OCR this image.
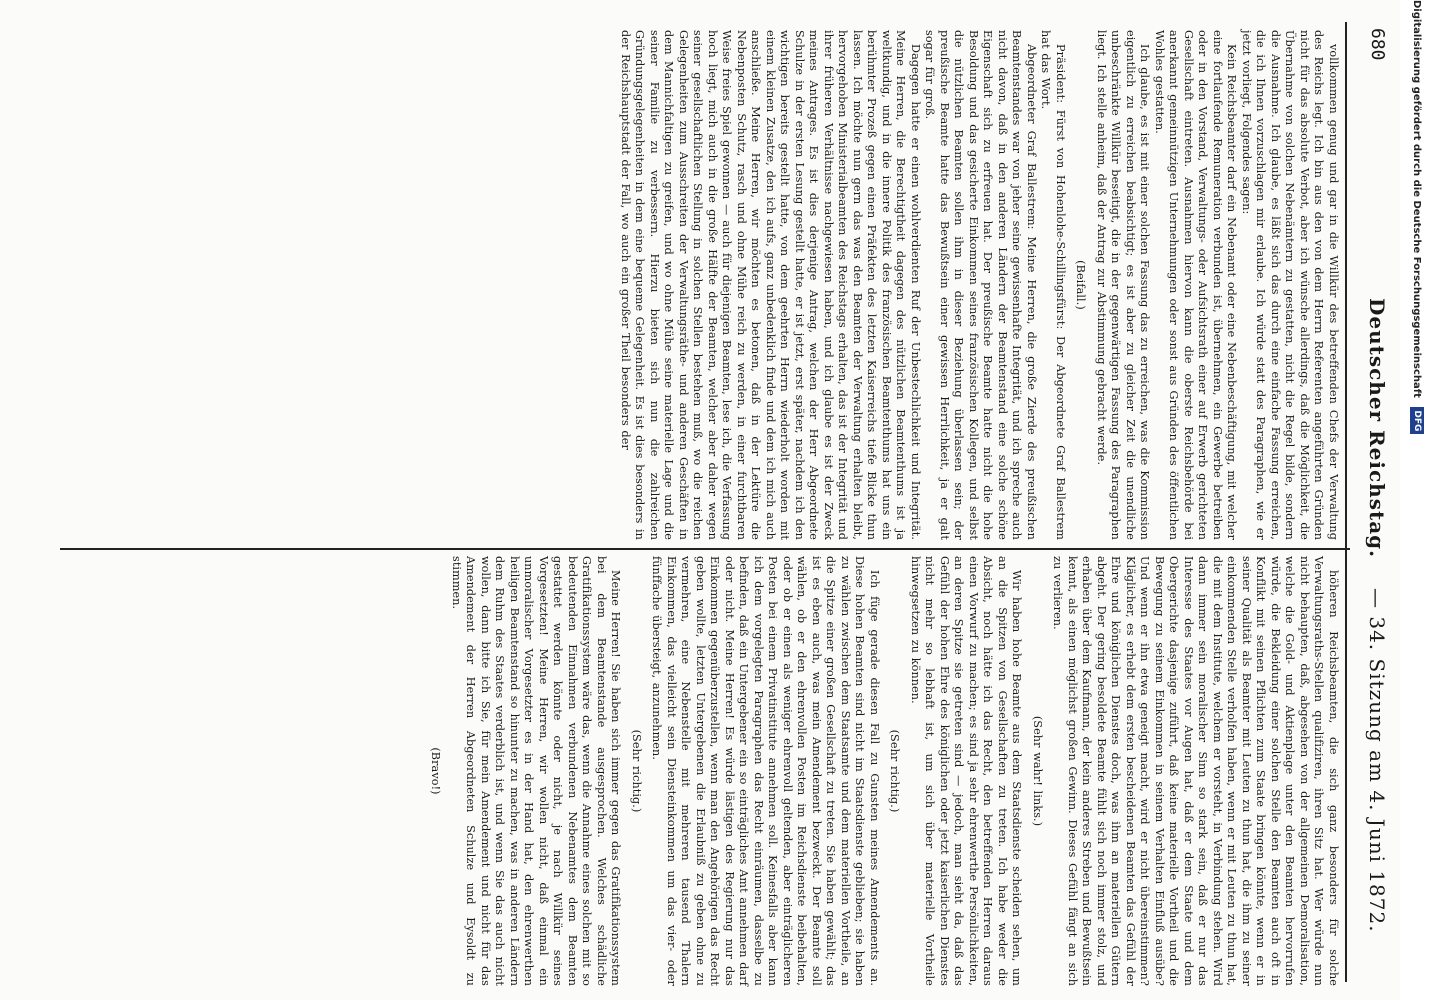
680
Deutscher Reichstag.
— 34. Sitzung am 4. Juni 1872.

vollkommen genug und gar in die Willkür des betreffenden Chefs der Verwaltung des Reichs legt. Ich bin aus den von dem Herrn Referenten angeführten Gründen nicht für das absolute Verbot, aber ich wünsche allerdings, daß die Möglichkeit, die Übernahme von solchen Nebenämtern zu gestatten, nicht die Regel bilde, sondern die Ausnahme. Ich glaube, es läßt sich das durch eine einfache Fassung erreichen, die ich Ihnen vorzuschlagen mir erlaube. Ich würde statt des Paragraphen, wie er jetzt vorliegt, Folgendes sagen:

Kein Reichsbeamter darf ein Nebenamt oder eine Nebenbeschäftigung, mit welcher eine fortlaufende Remuneration verbunden ist, übernehmen, ein Gewerbe betreiben oder in den Vorstand, Verwaltungs- oder Aufsichtsrath einer auf Erwerb gerichteten Gesellschaft eintreten. Ausnahmen hiervon kann die oberste Reichsbehörde bei anerkannt gemeinnützigen Unternehmungen oder sonst aus Gründen des öffentlichen Wohles gestatten.

Ich glaube, es ist mit einer solchen Fassung das zu erreichen, was die Kommission eigentlich zu erreichen beabsichtigt; es ist aber zu gleicher Zeit die unendliche unbeschränkte Willkür beseitigt, die in der gegenwärtigen Fassung des Paragraphen liegt. Ich stelle anheim, daß der Antrag zur Abstimmung gebracht werde.

(Beifall.)

Präsident: Fürst von Hohenlohe-Schillingsfürst: Der Abgeordnete Graf Ballestrem hat das Wort.

Abgeordneter Graf Ballestrem: Meine Herren, die große Zierde des preußischen Beamtenstandes war von jeher seine gewissenhafte Integrität, und ich spreche auch nicht davon, daß in den anderen Ländern der Beamtenstand eine solche schöne Eigenschaft sich zu erfreuen hat. Der preußische Beamte hatte nicht die hohe Besoldung und das gesicherte Einkommen seines französischen Kollegen, und selbst die nützlichen Beamten sollen ihm in dieser Beziehung überlassen sein; der preußische Beamte hatte das Bewußtsein einer gewissen Herrlichkeit, ja er galt sogar für groß.

Dagegen hatte er einen wohlverdienten Ruf der Unbestechlichkeit und Integrität. Meine Herren, die Berechtigtheit dagegen des nützlichen Beamtenthums ist ja weltkundig, und in die innere Politik des französischen Beamtenthums hat uns ein berühmter Prozeß gegen einen Präfekten des letzten Kaiserreichs tiefe Blicke thun lassen. Ich möchte nun gern das was den Beamten der Verwaltung erhalten bleibt, hervorgehoben Ministerialbeamten des Reichstags erhalten, das ist der Integrität und ihrer früheren Verhältnisse nachgewiesen haben, und ich glaube es ist der Zweck meines Antrages. Es ist dies derjenige Antrag, welchen der Herr Abgeordnete Schulze in der ersten Lesung gestellt hatte, er ist jetzt, erst später, nachdem ich den wichtigen bereits gestellt hatte, von dem geehrten Herrn wiederholt worden mit einem kleinen Zusatze, den ich aufs, ganz unbedenklich finde und dem ich mich auch anschließe. Meine Herren, wir möchten es betonen, daß in der Lektüre die Nebenposten Schutz, rasch und ohne Mühe reich zu werden, in einer furchtbaren Weise freies Spiel gewonnen — auch für diejenigen Beamten, lese ich, die Verfassung hoch liegt, mich auch in die große Hälfte der Beamten, welcher aber daher wegen seiner gesellschaftlichen Stellung in solchen Stellen bestehen muß, wo die reichen Gelegenheiten zum Ausschreiten der Verwaltungsräthe- und anderen Geschäften in dem Mannichfaltigen zu greifen, und wo ohne Mühe seine materielle Lage und die seiner Familie zu verbessern. Hierzu bieten sich nun die zahlreichen Gründungsgelegenheiten in dem eine bequeme Gelegenheit. Es ist dies besonders in der Reichshauptstadt der Fall, wo auch ein großer Theil besonders der

höheren Reichsbeamten, die sich ganz besonders für solche Verwaltungsraths-Stellen qualifiziren, ihren Sitz hat. Wer würde nun nicht behaupten, daß, abgesehen von der allgemeinen Demoralisation, welche die Gold- und Aktienplage unter den Beamten hervorrufen würde, die Bekleidung einer solchen Stelle den Beamten auch oft in Konflikt mit seinen Pflichten zum Staate bringen könnte, wenn er in seiner Qualität als Beamter mit Leuten zu thun hat, die ihm zu seiner einkommenden Stelle verholfen haben, wenn er mit Leuten zu thun hat, die mit dem Institute, welchem er vorsteht, in Verbindung stehen. Wird dann immer sein moralischer Sinn so stark sein, daß er nur das Interesse des Staates vor Augen hat, daß er dem Staate und dem Obergerichte dasjenige zuführt, daß keine materielle Vortheil und die Bewegung zu seinem Einkommen in seinem Verhalten Einfluß ausübe? Und wenn er ihn etwa geneigt macht, wird er nicht übereinstimmen? Kläglicher, es erhebt dem ersten bescheidenen Beamten das Gefühl der Ehre und königlichen Dienstes doch, was ihm an materiellen Gütern abgeht. Der gering besoldete Beamte fühlt sich noch immer stolz, und erhaben über dem Kaufmann, der kein anderes Streben und Bewußtsein kennt, als einen möglichst großen Gewinn. Dieses Gefühl fängt an sich zu verlieren.

(Sehr wahr! links.)

Wir haben hohe Beamte aus dem Staatsdienste scheiden sehen, um an die Spitzen von Gesellschaften zu treten. Ich habe weder die Absicht, noch hätte ich das Recht, den betreffenden Herren daraus einen Vorwurf zu machen; es sind ja sehr ehrenwerthe Persönlichkeiten, an deren Spitze sie getreten sind — jedoch, man sieht da, daß das Gefühl der hohen Ehre des königlichen oder jetzt kaiserlichen Dienstes nicht mehr so lebhaft ist, um sich über materielle Vortheile hinwegsetzen zu können.

(Sehr richtig.)

Ich füge gerade diesen Fall zu Gunsten meines Amendements an. Diese hohen Beamten sind nicht im Staatsdienste geblieben; sie haben zu wählen zwischen dem Staatsamte und dem materiellen Vortheile, an die Spitze einer großen Gesellschaft zu treten. Sie haben gewählt; das ist es eben auch, was mein Amendement bezweckt. Der Beamte soll wählen, ob er den ehrenvollen Posten im Reichsdienste beibehalten, oder ob er einen als weniger ehrenvoll geltenden, aber einträglicheren Posten bei einem Privatinstitute annehmen soll. Keinesfalls aber kann ich dem vorgelegten Paragraphen das Recht einräumen, dasselbe zu befinden, daß ein Untergebener ein so einträgliches Amt annehmen darf oder nicht. Meine Herren! Es würde lästigen des Regierung nur das Einkommen gegenüberzustellen, wenn man den Angehörigen das Recht geben wollte, letzten Untergebenen die Erlaubniß zu geben ohne zu vermehren, eine Nebenstelle mit mehreren tausend Thalern Einkommen, das vielleicht sein Diensteinkommen um das vier- oder fünffache übersteigt, anzunehmen.

(Sehr richtig.)

Meine Herren! Sie haben sich immer gegen das Gratifikationssystem bei dem Beamtenstande ausgesprochen. Welches schädliche Gratifikationssystem wäre das, wenn die Annahme eines solchen mit so bedeutenden Einnahmen verbundenen Nebenamtes dem Beamten gestattet werden könnte oder nicht, je nach Willkür seines Vorgesetzten! Meine Herren, wir wollen nicht, daß einmal ein unmoralischer Vorgesetzter es in der Hand hat, den ehrenwerthen heiligen Beamtenstand so hinunter zu machen, was in anderen Ländern dem Ruhm des Staates verderblich ist, und wenn Sie das auch nicht wollen, dann bitte ich Sie, für mein Amendement und nicht für das Amendement der Herren Abgeordneten Schulze und Eysoldt zu stimmen.

(Bravo!)

Digitalisierung gefördert durch die Deutsche Forschungsgemeinschaft DFG
